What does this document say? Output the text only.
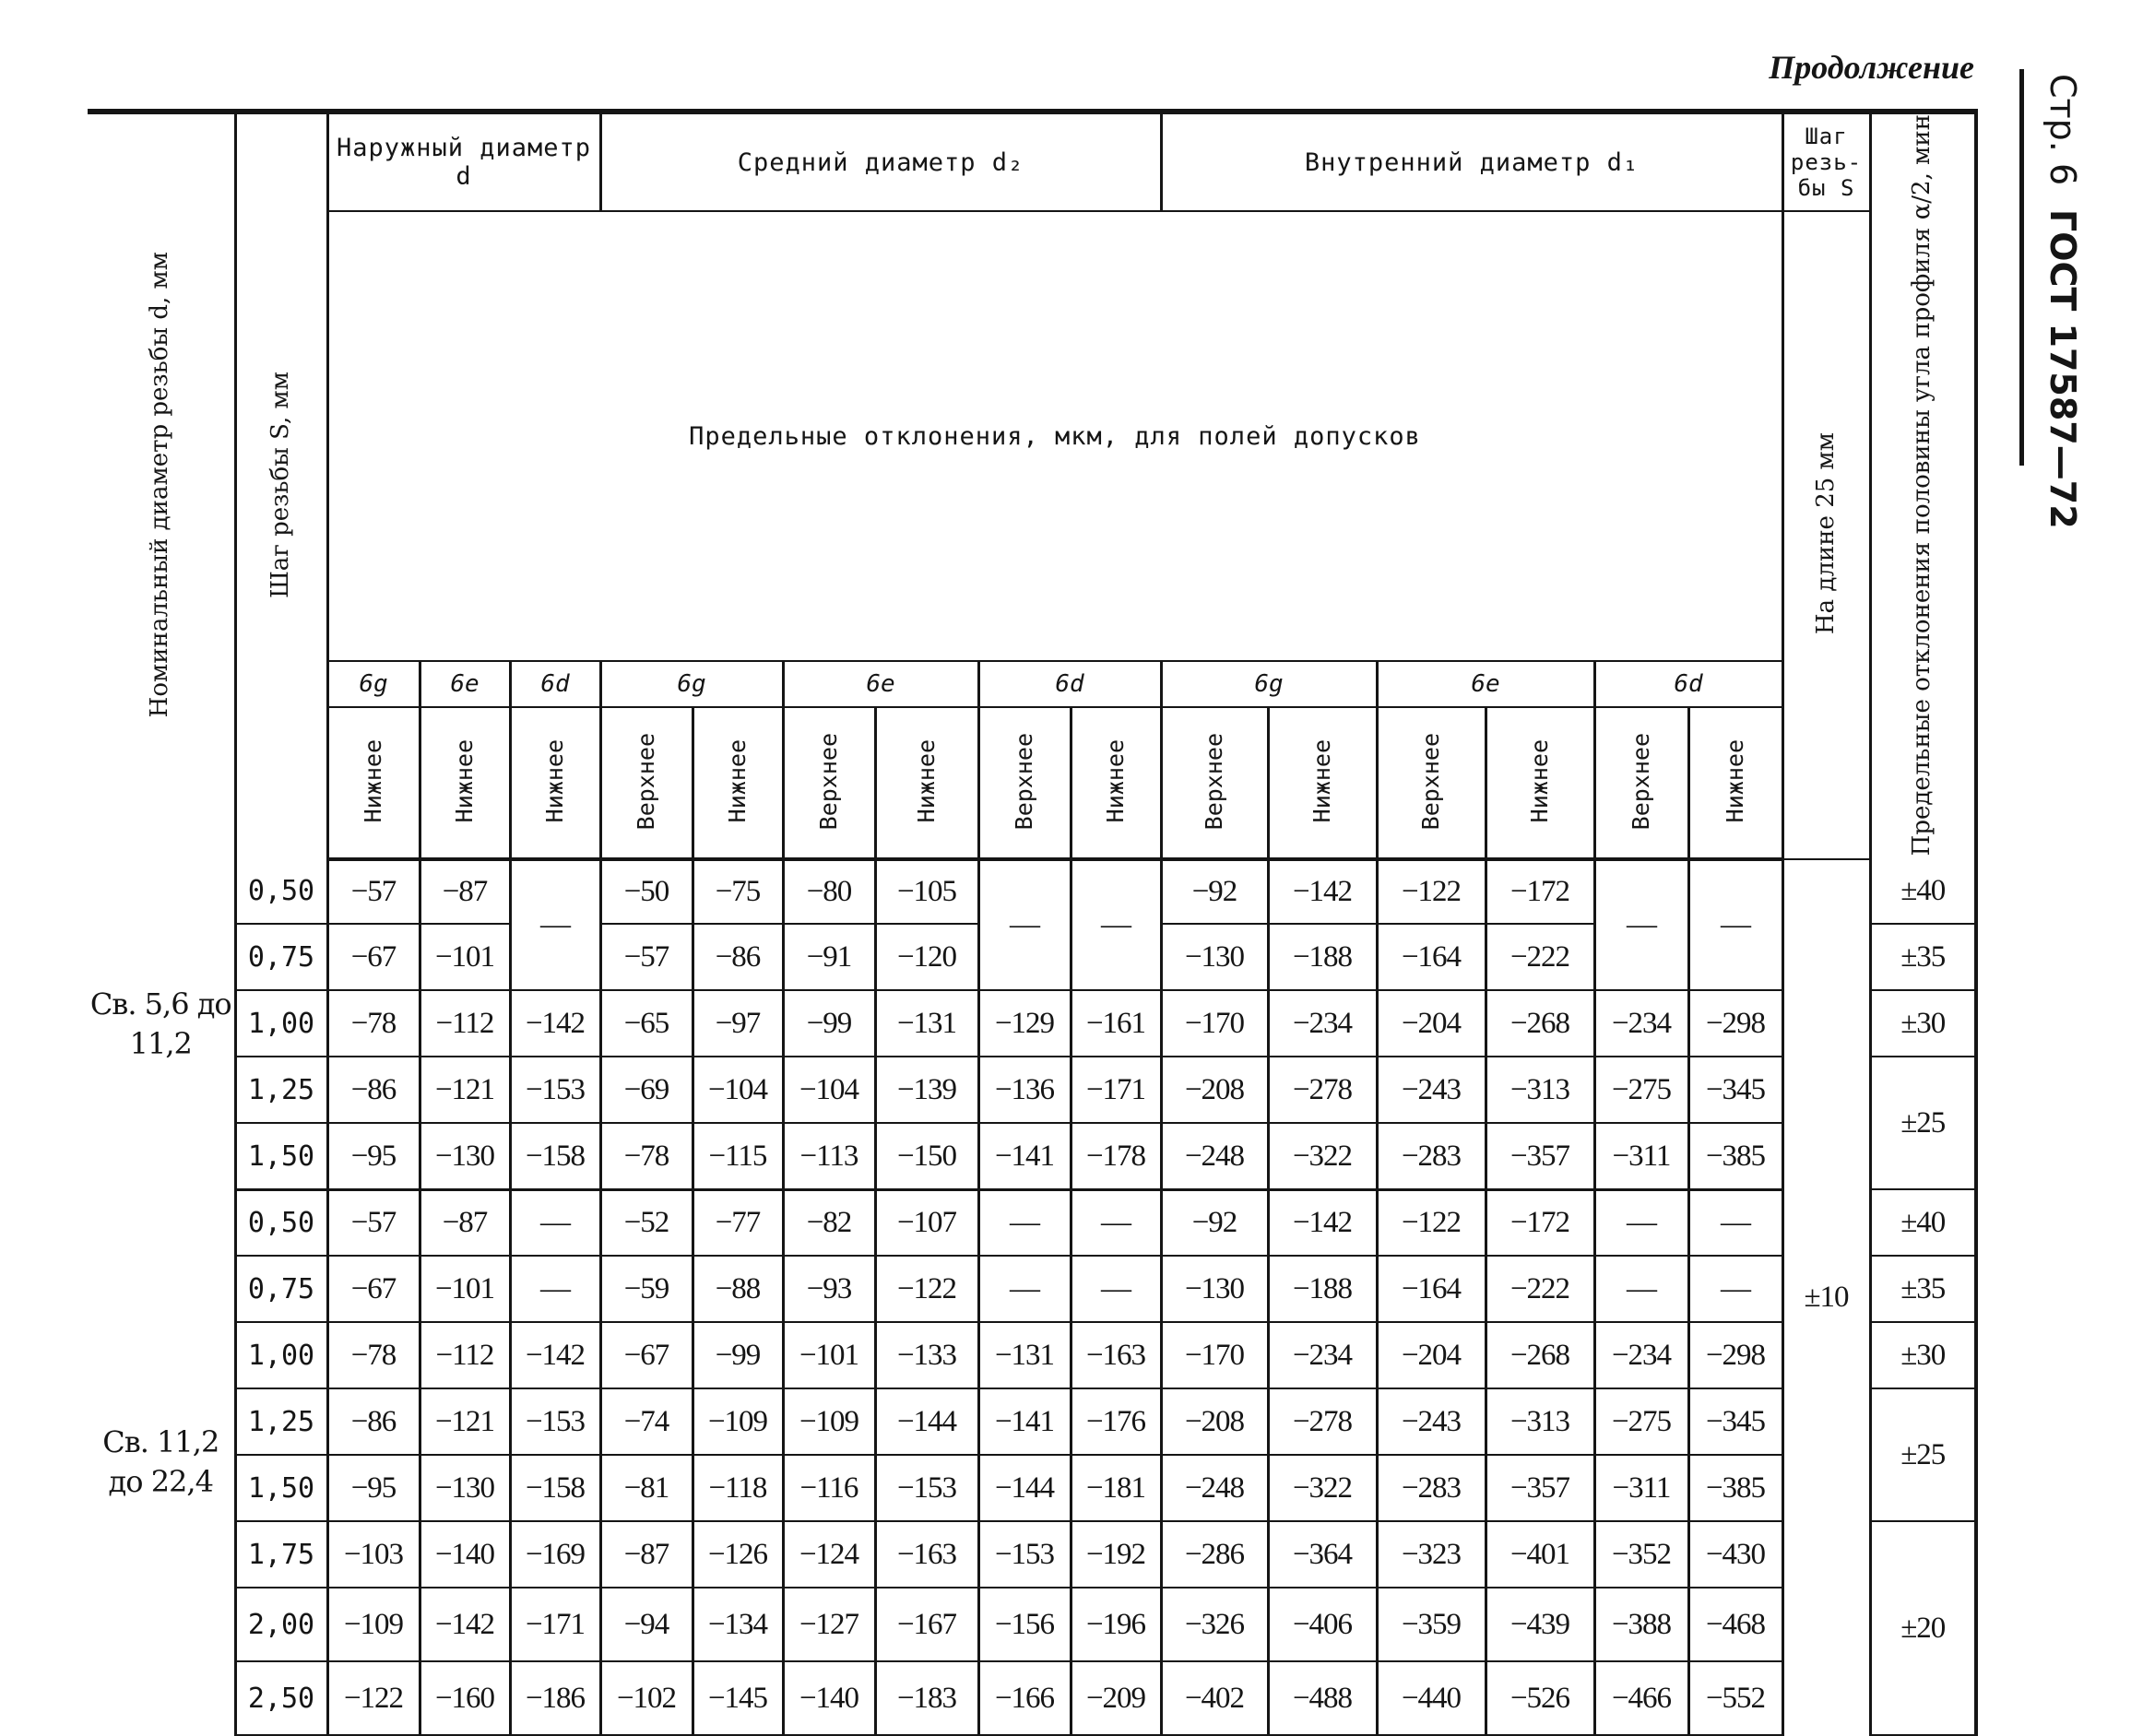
Продолжение
Стр. 6
ГОСТ 17587—72
Номинальный диаметр резьбы d, мм	Шаг резьбы S, мм	Наружный диаметр d			Средний диаметр d₂						Внутренний диаметр d₁						Шаг резь-бы S	Предельные отклонения половины угла профиля α/2, мин
		Предельные отклонения, мкм, для полей допусков															На длине 25 мм	
		6g	6e	6d	6g		6e		6d		6g		6e		6d			
		Нижнее	Нижнее	Нижнее	Верхнее	Нижнее	Верхнее	Нижнее	Верхнее	Нижнее	Верхнее	Нижнее	Верхнее	Нижнее	Верхнее	Нижнее		
Св. 5,6 до 11,2	0,50	−57	−87	—	−50	−75	−80	−105	—	—	−92	−142	−122	−172	—	—	±10	±40
	0,75	−67	−101		−57	−86	−91	−120			−130	−188	−164	−222				±35
	1,00	−78	−112	−142	−65	−97	−99	−131	−129	−161	−170	−234	−204	−268	−234	−298		±30
	1,25	−86	−121	−153	−69	−104	−104	−139	−136	−171	−208	−278	−243	−313	−275	−345		±25
	1,50	−95	−130	−158	−78	−115	−113	−150	−141	−178	−248	−322	−283	−357	−311	−385		
Св. 11,2 до 22,4	0,50	−57	−87	—	−52	−77	−82	−107	—	—	−92	−142	−122	−172	—	—		±40
	0,75	−67	−101	—	−59	−88	−93	−122	—	—	−130	−188	−164	−222	—	—		±35
	1,00	−78	−112	−142	−67	−99	−101	−133	−131	−163	−170	−234	−204	−268	−234	−298		±30
	1,25	−86	−121	−153	−74	−109	−109	−144	−141	−176	−208	−278	−243	−313	−275	−345		±25
	1,50	−95	−130	−158	−81	−118	−116	−153	−144	−181	−248	−322	−283	−357	−311	−385		
	1,75	−103	−140	−169	−87	−126	−124	−163	−153	−192	−286	−364	−323	−401	−352	−430		±20
	2,00	−109	−142	−171	−94	−134	−127	−167	−156	−196	−326	−406	−359	−439	−388	−468		
	2,50	−122	−160	−186	−102	−145	−140	−183	−166	−209	−402	−488	−440	−526	−466	−552		
